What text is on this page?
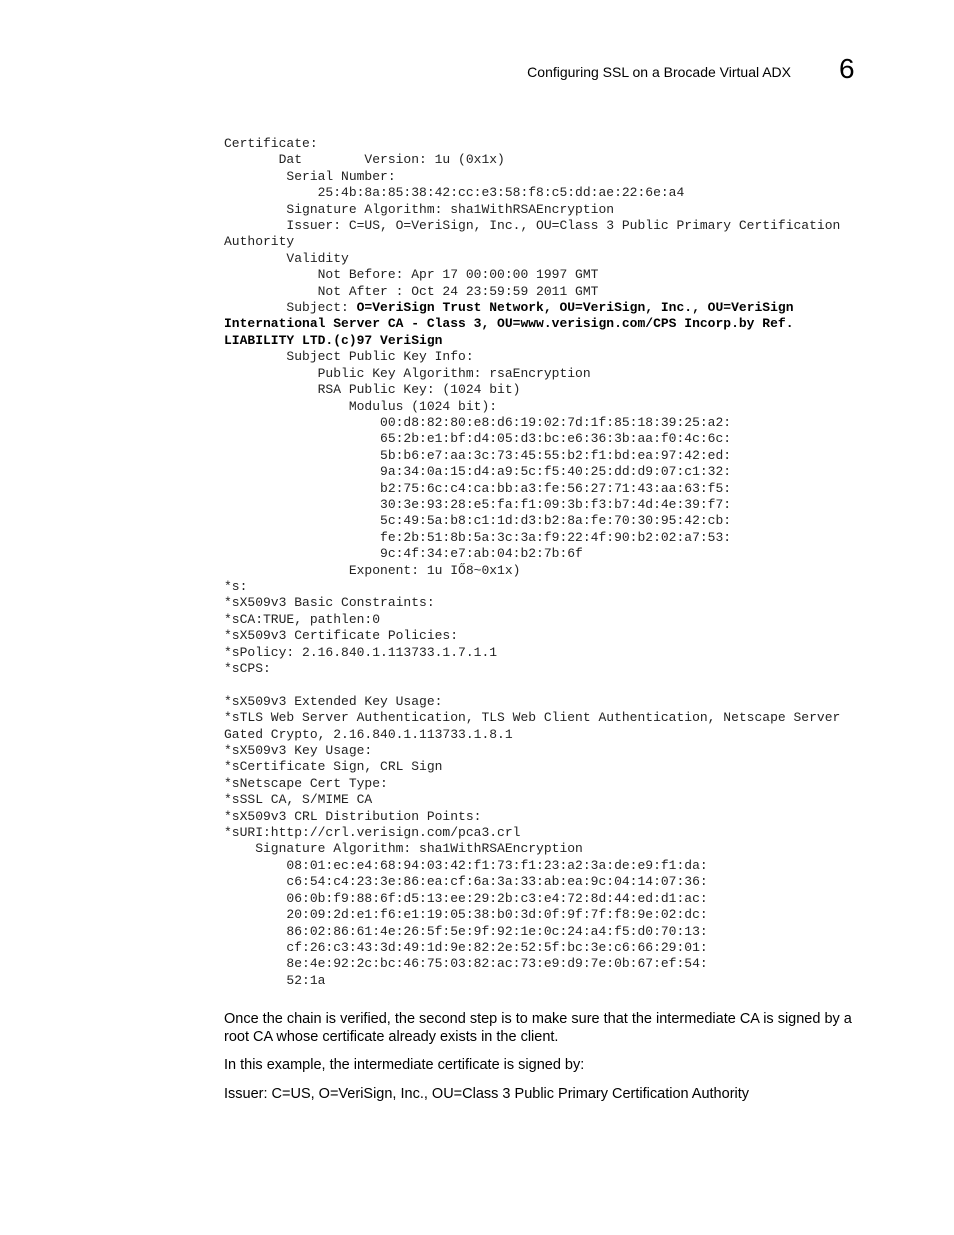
Configuring SSL on a Brocade Virtual ADX 6
Certificate:
Dat        Version: 1u (0x1x)
Serial Number:
25:4b:8a:85:38:42:cc:e3:58:f8:c5:dd:ae:22:6e:a4
Signature Algorithm: sha1WithRSAEncryption
Issuer: C=US, O=VeriSign, Inc., OU=Class 3 Public Primary Certification
Authority
Validity
Not Before: Apr 17 00:00:00 1997 GMT
Not After : Oct 24 23:59:59 2011 GMT
Subject: O=VeriSign Trust Network, OU=VeriSign, Inc., OU=VeriSign
International Server CA - Class 3, OU=www.verisign.com/CPS Incorp.by Ref.
LIABILITY LTD.(c)97 VeriSign
Subject Public Key Info:
Public Key Algorithm: rsaEncryption
RSA Public Key: (1024 bit)
Modulus (1024 bit):
00:d8:82:80:e8:d6:19:02:7d:1f:85:18:39:25:a2:
65:2b:e1:bf:d4:05:d3:bc:e6:36:3b:aa:f0:4c:6c:
5b:b6:e7:aa:3c:73:45:55:b2:f1:bd:ea:97:42:ed:
9a:34:0a:15:d4:a9:5c:f5:40:25:dd:d9:07:c1:32:
b2:75:6c:c4:ca:bb:a3:fe:56:27:71:43:aa:63:f5:
30:3e:93:28:e5:fa:f1:09:3b:f3:b7:4d:4e:39:f7:
5c:49:5a:b8:c1:1d:d3:b2:8a:fe:70:30:95:42:cb:
fe:2b:51:8b:5a:3c:3a:f9:22:4f:90:b2:02:a7:53:
9c:4f:34:e7:ab:04:b2:7b:6f
Exponent: 1u IŐ8~0x1x)
*s:
*sX509v3 Basic Constraints:
*sCA:TRUE, pathlen:0
*sX509v3 Certificate Policies:
*sPolicy: 2.16.840.1.113733.1.7.1.1
*sCPS:

*sX509v3 Extended Key Usage:
*sTLS Web Server Authentication, TLS Web Client Authentication, Netscape Server
Gated Crypto, 2.16.840.1.113733.1.8.1
*sX509v3 Key Usage:
*sCertificate Sign, CRL Sign
*sNetscape Cert Type:
*sSSL CA, S/MIME CA
*sX509v3 CRL Distribution Points:
*sURI:http://crl.verisign.com/pca3.crl
Signature Algorithm: sha1WithRSAEncryption
08:01:ec:e4:68:94:03:42:f1:73:f1:23:a2:3a:de:e9:f1:da:
c6:54:c4:23:3e:86:ea:cf:6a:3a:33:ab:ea:9c:04:14:07:36:
06:0b:f9:88:6f:d5:13:ee:29:2b:c3:e4:72:8d:44:ed:d1:ac:
20:09:2d:e1:f6:e1:19:05:38:b0:3d:0f:9f:7f:f8:9e:02:dc:
86:02:86:61:4e:26:5f:5e:9f:92:1e:0c:24:a4:f5:d0:70:13:
cf:26:c3:43:3d:49:1d:9e:82:2e:52:5f:bc:3e:c6:66:29:01:
8e:4e:92:2c:bc:46:75:03:82:ac:73:e9:d9:7e:0b:67:ef:54:
52:1a

Once the chain is verified, the second step is to make sure that the intermediate CA is signed by a root CA whose certificate already exists in the client.

In this example, the intermediate certificate is signed by:

Issuer: C=US, O=VeriSign, Inc., OU=Class 3 Public Primary Certification Authority
